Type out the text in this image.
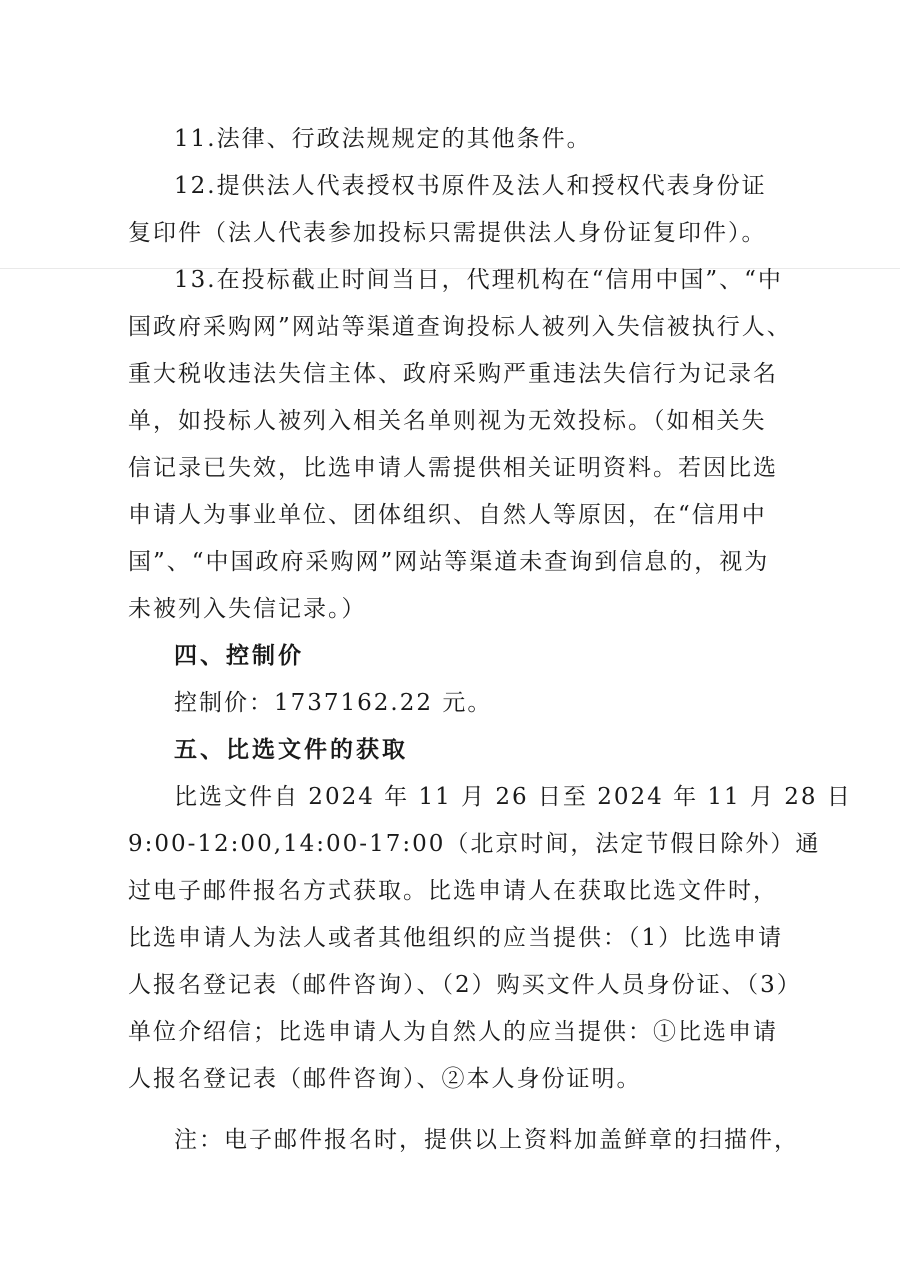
11.法律、行政法规规定的其他条件。
12.提供法人代表授权书原件及法人和授权代表身份证
复印件（法人代表参加投标只需提供法人身份证复印件）。
13.在投标截止时间当日，代理机构在“信用中国”、“中
国政府采购网”网站等渠道查询投标人被列入失信被执行人、
重大税收违法失信主体、政府采购严重违法失信行为记录名
单，如投标人被列入相关名单则视为无效投标。（如相关失
信记录已失效，比选申请人需提供相关证明资料。若因比选
申请人为事业单位、团体组织、自然人等原因，在“信用中
国”、“中国政府采购网”网站等渠道未查询到信息的，视为
未被列入失信记录。）
四、控制价
控制价：1737162.22 元。
五、比选文件的获取
比选文件自 2024 年 11 月 26 日至 2024 年 11 月 28 日
9:00-12:00,14:00-17:00（北京时间，法定节假日除外）通
过电子邮件报名方式获取。比选申请人在获取比选文件时，
比选申请人为法人或者其他组织的应当提供：（1）比选申请
人报名登记表（邮件咨询）、（2）购买文件人员身份证、（3）
单位介绍信；比选申请人为自然人的应当提供：①比选申请
人报名登记表（邮件咨询）、②本人身份证明。
注：电子邮件报名时，提供以上资料加盖鲜章的扫描件，
